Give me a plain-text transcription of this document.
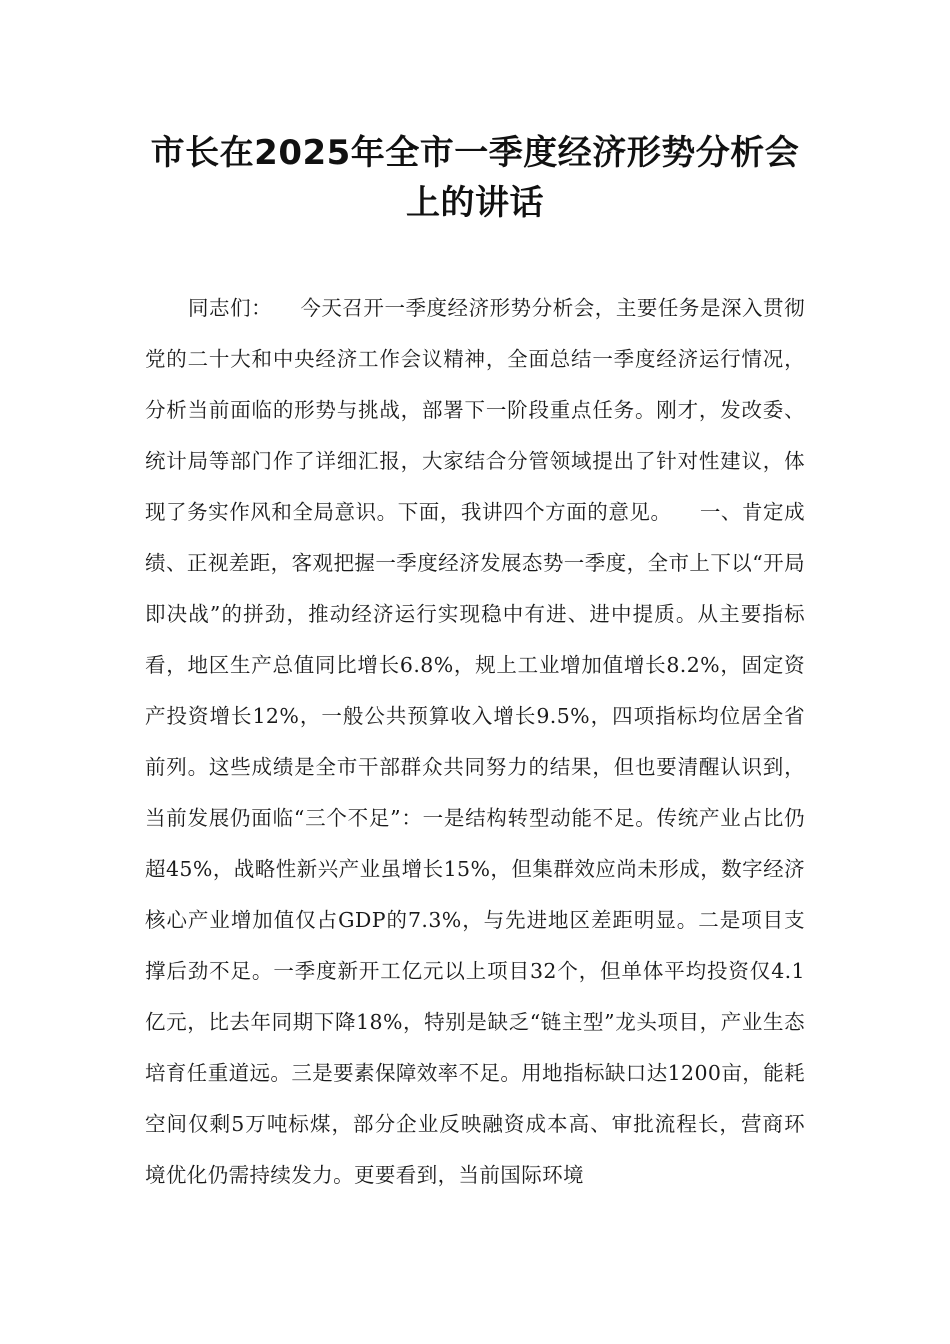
市长在2025年全市一季度经济形势分析会上的讲话

同志们：    今天召开一季度经济形势分析会，主要任务是深入贯彻党的二十大和中央经济工作会议精神，全面总结一季度经济运行情况，分析当前面临的形势与挑战，部署下一阶段重点任务。刚才，发改委、统计局等部门作了详细汇报，大家结合分管领域提出了针对性建议，体现了务实作风和全局意识。下面，我讲四个方面的意见。    一、肯定成绩、正视差距，客观把握一季度经济发展态势一季度，全市上下以“开局即决战”的拼劲，推动经济运行实现稳中有进、进中提质。从主要指标看，地区生产总值同比增长6.8%，规上工业增加值增长8.2%，固定资产投资增长12%，一般公共预算收入增长9.5%，四项指标均位居全省前列。这些成绩是全市干部群众共同努力的结果，但也要清醒认识到，当前发展仍面临“三个不足”：一是结构转型动能不足。传统产业占比仍超45%，战略性新兴产业虽增长15%，但集群效应尚未形成，数字经济核心产业增加值仅占GDP的7.3%，与先进地区差距明显。二是项目支撑后劲不足。一季度新开工亿元以上项目32个，但单体平均投资仅4.1亿元，比去年同期下降18%，特别是缺乏“链主型”龙头项目，产业生态培育任重道远。三是要素保障效率不足。用地指标缺口达1200亩，能耗空间仅剩5万吨标煤，部分企业反映融资成本高、审批流程长，营商环境优化仍需持续发力。更要看到，当前国际环境
